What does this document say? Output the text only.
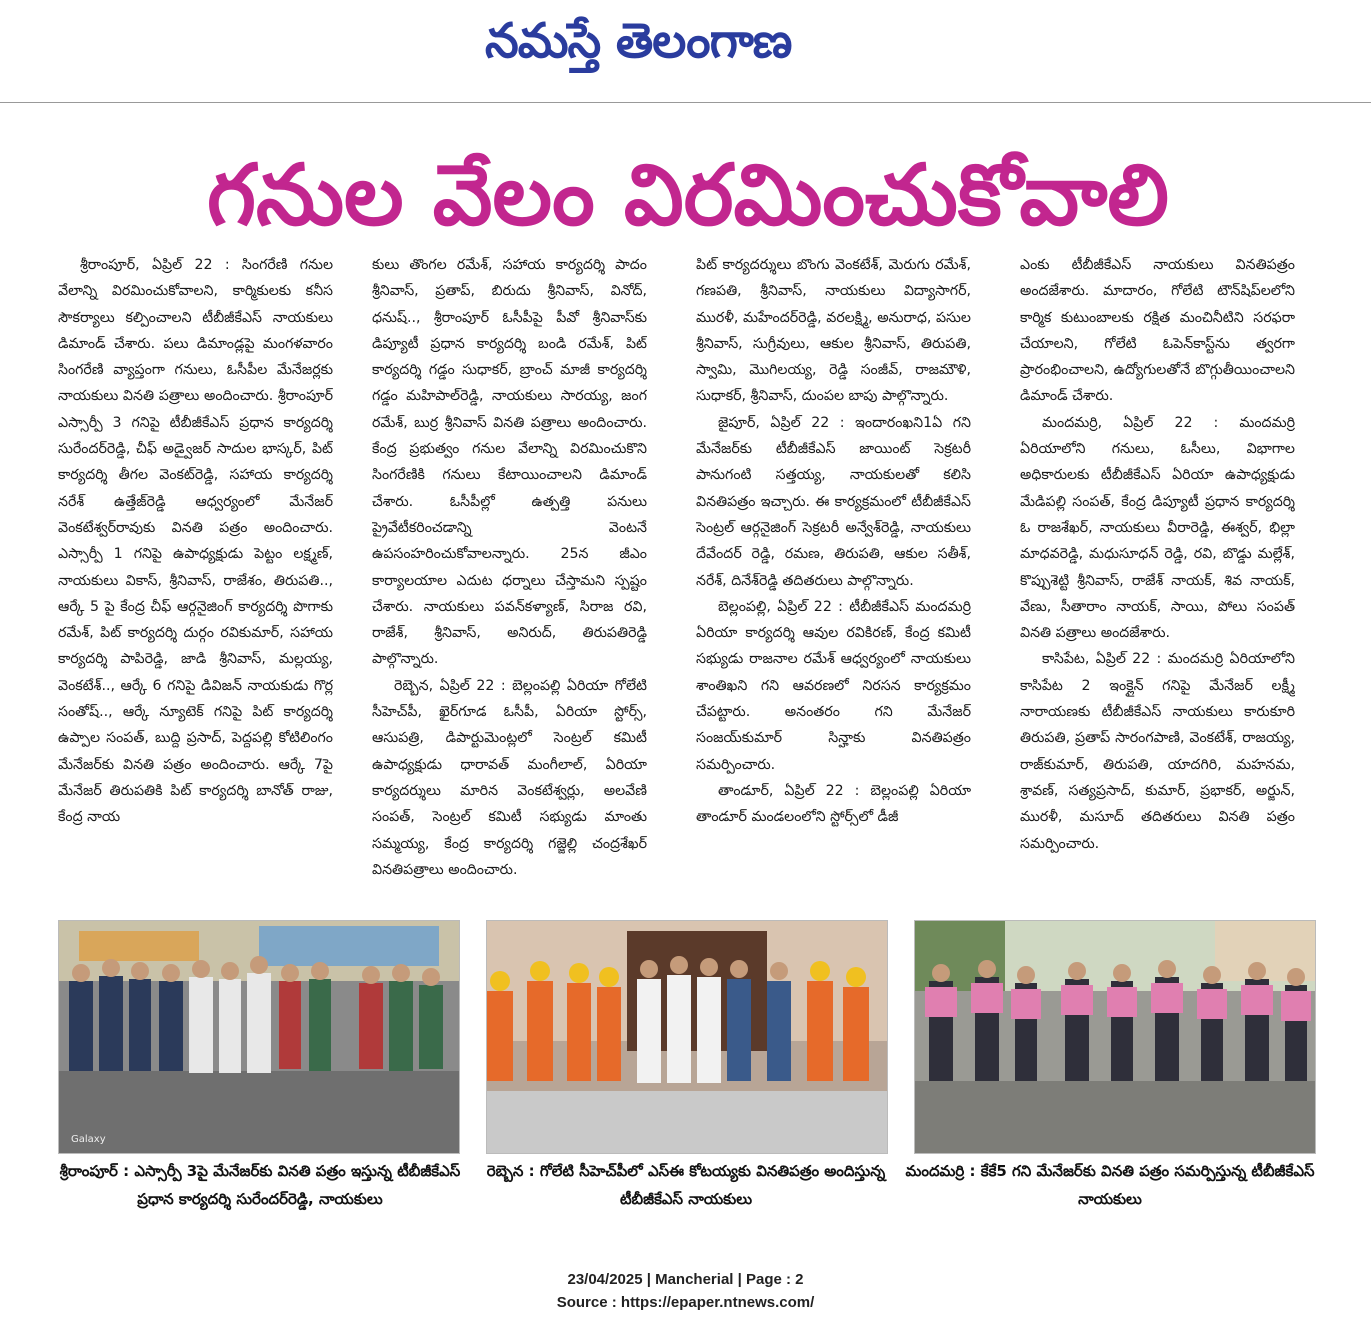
నమస్తే తెలంగాణ
గనుల వేలం విరమించుకోవాలి

శ్రీరాంపూర్, ఏప్రిల్ 22 : సింగరేణి గనుల వేలాన్ని విరమించుకోవాలని, కార్మికులకు కనీస సౌకర్యాలు కల్పించాలని టీబీజీకేఎస్ నాయకులు డిమాండ్ చేశారు. పలు డిమాండ్లపై మంగళవారం సింగరేణి వ్యాప్తంగా గనులు, ఓసీపీల మేనేజర్లకు నాయకులు వినతి పత్రాలు అందించారు. శ్రీరాంపూర్ ఎస్సార్పీ 3 గనిపై టీబీజీకేఎస్ ప్రధాన కార్యదర్శి సురేందర్‌రెడ్డి, చీఫ్ అడ్వైజర్ సాదుల భాస్కర్, పిట్ కార్యదర్శి తీగల వెంకట్‌రెడ్డి, సహాయ కార్యదర్శి నరేశ్ ఉత్తేజ్‌రెడ్డి ఆధ్వర్యంలో మేనేజర్ వెంకటేశ్వర్‌రావుకు వినతి పత్రం అందించారు. ఎస్సార్పీ 1 గనిపై ఉపాధ్యక్షుడు పెట్టం లక్ష్మణ్, నాయకులు వికాస్, శ్రీనివాస్, రాజేశం, తిరుపతి.., ఆర్కే 5 పై కేంద్ర చీఫ్ ఆర్గనైజింగ్ కార్యదర్శి పొగాకు రమేశ్, పిట్ కార్యదర్శి దుర్గం రవికుమార్, సహాయ కార్యదర్శి పాపిరెడ్డి, జాడి శ్రీనివాస్, మల్లయ్య, వెంకటేశ్.., ఆర్కే 6 గనిపై డివిజన్ నాయకుడు గొర్ల సంతోష్.., ఆర్కే న్యూటెక్ గనిపై పిట్ కార్యదర్శి ఉప్పాల సంపత్, బుద్ది ప్రసాద్, పెద్దపల్లి కోటిలింగం మేనేజర్‌కు వినతి పత్రం అందించారు. ఆర్కే 7పై మేనేజర్ తిరుపతికి పిట్ కార్యదర్శి బానోత్ రాజు, కేంద్ర నాయ

కులు తొంగల రమేశ్, సహాయ కార్యదర్శి పాదం శ్రీనివాస్, ప్రతాప్, బిరుదు శ్రీనివాస్, వినోద్, ధనుష్.., శ్రీరాంపూర్ ఓసీపీపై పీవో శ్రీనివాస్‌కు డిప్యూటీ ప్రధాన కార్యదర్శి బండి రమేశ్, పిట్ కార్యదర్శి గడ్డం సుధాకర్, బ్రాంచ్ మాజీ కార్యదర్శి గడ్డం మహిపాల్‌రెడ్డి, నాయకులు సారయ్య, జంగ రమేశ్, బుర్ర శ్రీనివాస్ వినతి పత్రాలు అందించారు. కేంద్ర ప్రభుత్వం గనుల వేలాన్ని విరమించుకొని సింగరేణికి గనులు కేటాయించాలని డిమాండ్ చేశారు. ఓసీపీల్లో ఉత్పత్తి పనులు ప్రైవేటీకరించడాన్ని వెంటనే ఉపసంహరించుకోవాలన్నారు. 25న జీఎం కార్యాలయాల ఎదుట ధర్నాలు చేస్తామని స్పష్టం చేశారు. నాయకులు పవన్‌కళ్యాణ్, సిరాజ రవి, రాజేశ్, శ్రీనివాస్, అనిరుద్, తిరుపతిరెడ్డి పాల్గొన్నారు.

రెబ్బెన, ఏప్రిల్ 22 : బెల్లంపల్లి ఏరియా గోలేటి సీహెచ్‌పీ, ఖైర్‌గూడ ఓసీపీ, ఏరియా స్టోర్స్, ఆసుపత్రి, డిపార్టుమెంట్లలో సెంట్రల్ కమిటీ ఉపాధ్యక్షుడు ధారావత్ మంగీలాల్, ఏరియా కార్యదర్శులు మారిన వెంకటేశ్వర్లు, అలవేణి సంపత్, సెంట్రల్ కమిటీ సభ్యుడు మాంతు సమ్మయ్య, కేంద్ర కార్యదర్శి గజ్జెల్లి చంద్రశేఖర్ వినతిపత్రాలు అందించారు.

పిట్ కార్యదర్శులు బొంగు వెంకటేశ్, మెరుగు రమేశ్, గణపతి, శ్రీనివాస్, నాయకులు విద్యాసాగర్, మురళీ, మహేందర్‌రెడ్డి, వరలక్ష్మి, అనురాధ, పసుల శ్రీనివాస్, సుగ్రీవులు, ఆకుల శ్రీనివాస్, తిరుపతి, స్వామి, మొగిలయ్య, రెడ్డి సంజీవ్, రాజమౌళి, సుధాకర్, శ్రీనివాస్, దుంపల బాపు పాల్గొన్నారు.

జైపూర్, ఏప్రిల్ 22 : ఇందారంఖని1ఏ గని మేనేజర్‌కు టీబీజీకేఎస్ జాయింట్ సెక్రటరీ పానుగంటి సత్తయ్య, నాయకులతో కలిసి వినతిపత్రం ఇచ్చారు. ఈ కార్యక్రమంలో టీబీజీకేఎస్ సెంట్రల్ ఆర్గనైజింగ్ సెక్రటరీ అన్వేశ్‌రెడ్డి, నాయకులు దేవేందర్ రెడ్డి, రమణ, తిరుపతి, ఆకుల సతీశ్, నరేశ్, దినేశ్‌రెడ్డి తదితరులు పాల్గొన్నారు.

బెల్లంపల్లి, ఏప్రిల్ 22 : టీబీజీకేఎస్ మందమర్రి ఏరియా కార్యదర్శి ఆవుల రవికిరణ్, కేంద్ర కమిటీ సభ్యుడు రాజనాల రమేశ్ ఆధ్వర్యంలో నాయకులు శాంతిఖని గని ఆవరణలో నిరసన కార్యక్రమం చేపట్టారు. అనంతరం గని మేనేజర్ సంజయ్‌కుమార్ సిన్హాకు వినతిపత్రం సమర్పించారు.

తాండూర్, ఏప్రిల్ 22 : బెల్లంపల్లి ఏరియా తాండూర్ మండలంలోని స్టోర్స్‌లో డీజీ

ఎంకు టీబీజీకేఎస్ నాయకులు వినతిపత్రం అందజేశారు. మాదారం, గోలేటి టౌన్‌షిప్‌లలోని కార్మిక కుటుంబాలకు రక్షిత మంచినీటిని సరఫరా చేయాలని, గోలేటి ఓపెన్‌కాస్ట్‌ను త్వరగా ప్రారంభించాలని, ఉద్యోగులతోనే బొగ్గుతీయించాలని డిమాండ్ చేశారు.

మందమర్రి, ఏప్రిల్ 22 : మందమర్రి ఏరియాలోని గనులు, ఓసీలు, విభాగాల అధికారులకు టీబీజీకేఎస్ ఏరియా ఉపాధ్యక్షుడు మేడిపల్లి సంపత్, కేంద్ర డిప్యూటీ ప్రధాన కార్యదర్శి ఓ రాజశేఖర్, నాయకులు వీరారెడ్డి, ఈశ్వర్, భిల్లా మాధవరెడ్డి, మధుసూధన్ రెడ్డి, రవి, బొడ్డు మల్లేశ్, కొప్పుశెట్టి శ్రీనివాస్, రాజేశ్ నాయక్, శివ నాయక్, వేణు, సీతారాం నాయక్, సాయి, పోలు సంపత్ వినతి పత్రాలు అందజేశారు.

కాసిపేట, ఏప్రిల్ 22 : మందమర్రి ఏరియాలోని కాసిపేట 2 ఇంక్లైన్ గనిపై మేనేజర్ లక్ష్మీ నారాయణకు టీబీజీకేఎస్ నాయకులు కారుకూరి తిరుపతి, ప్రతాప్ సారంగపాణి, వెంకటేశ్, రాజయ్య, రాజ్‌కుమార్, తిరుపతి, యాదగిరి, మహనమ, శ్రావణ్, సత్యప్రసాద్, కుమార్, ప్రభాకర్, అర్జున్, మురళీ, మసూద్ తదితరులు వినతి పత్రం సమర్పించారు.

Galaxy
శ్రీరాంపూర్ : ఎస్సార్పీ 3పై మేనేజర్‌కు వినతి పత్రం ఇస్తున్న టీబీజీకేఎస్ ప్రధాన కార్యదర్శి సురేందర్‌రెడ్డి, నాయకులు
రెబ్బెన : గోలేటి సీహెచ్‌పీలో ఎస్ఈ కోటయ్యకు వినతిపత్రం అందిస్తున్న టీబీజీకేఎస్ నాయకులు
మందమర్రి : కేకే5 గని మేనేజర్‌కు వినతి పత్రం సమర్పిస్తున్న టీబీజీకేఎస్ నాయకులు
23/04/2025 | Mancherial | Page : 2
Source : https://epaper.ntnews.com/
